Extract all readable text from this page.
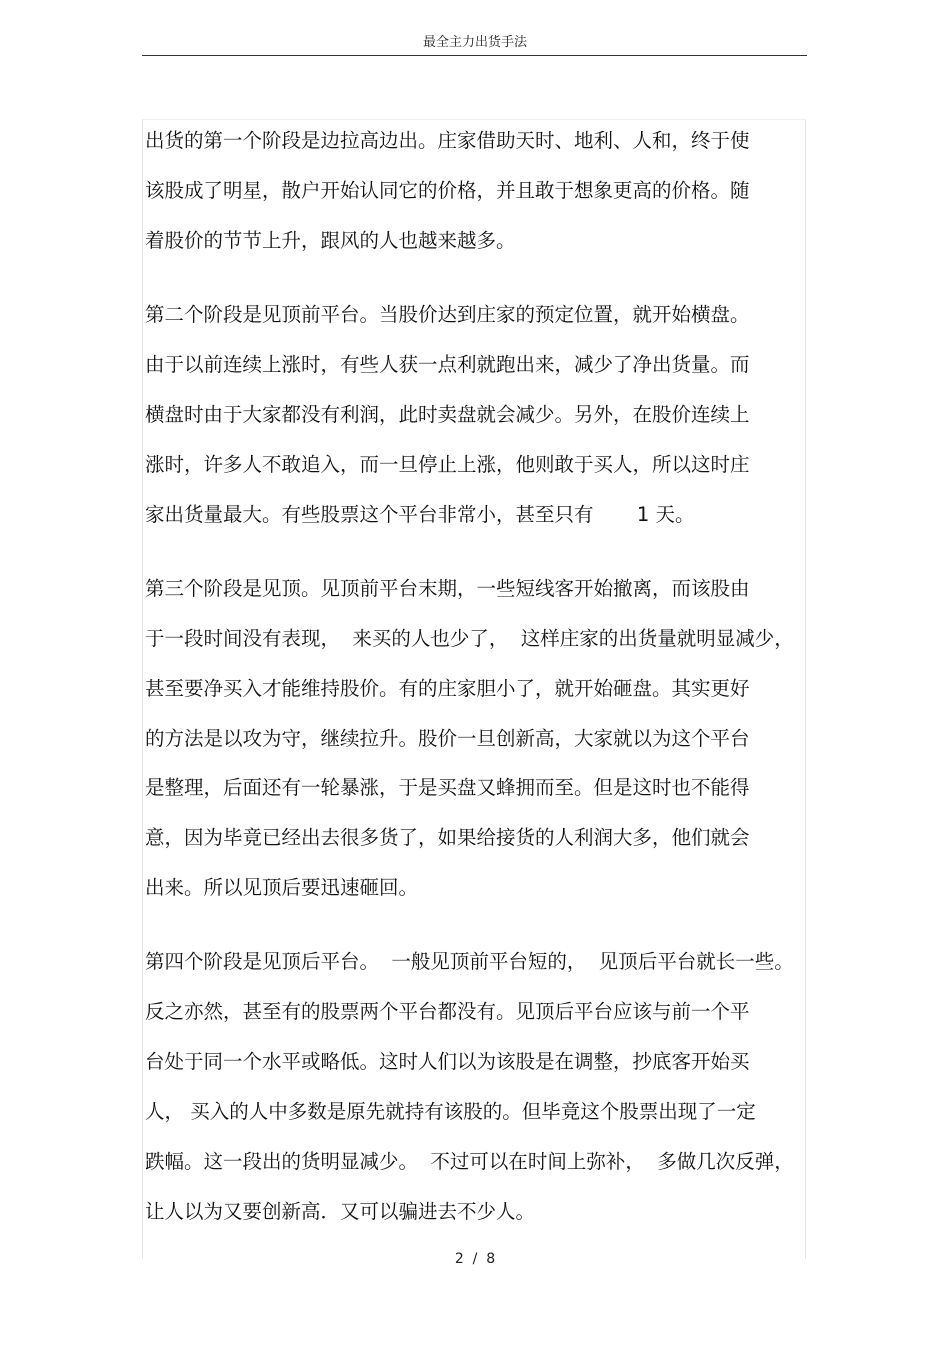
最全主力出货手法
出货的第一个阶段是边拉高边出。庄家借助天时、地利、人和，终于使
该股成了明星，散户开始认同它的价格，并且敢于想象更高的价格。随
着股价的节节上升，跟风的人也越来越多。
第二个阶段是见顶前平台。当股价达到庄家的预定位置，就开始横盘。
由于以前连续上涨时，有些人获一点利就跑出来，减少了净出货量。而
横盘时由于大家都没有利润，此时卖盘就会减少。另外，在股价连续上
涨时，许多人不敢追入，而一旦停止上涨，他则敢于买人，所以这时庄
家出货量最大。有些股票这个平台非常小，甚至只有       1 天。
第三个阶段是见顶。见顶前平台末期，一些短线客开始撤离，而该股由
于一段时间没有表现，  来买的人也少了，  这样庄家的出货量就明显减少，
甚至要净买入才能维持股价。有的庄家胆小了，就开始砸盘。其实更好
的方法是以攻为守，继续拉升。股价一旦创新高，大家就以为这个平台
是整理，后面还有一轮暴涨，于是买盘又蜂拥而至。但是这时也不能得
意，因为毕竟已经出去很多货了，如果给接货的人利润大多，他们就会
出来。所以见顶后要迅速砸回。
第四个阶段是见顶后平台。  一般见顶前平台短的，  见顶后平台就长一些。
反之亦然，甚至有的股票两个平台都没有。见顶后平台应该与前一个平
台处于同一个水平或略低。这时人们以为该股是在调整，抄底客开始买
人， 买入的人中多数是原先就持有该股的。但毕竟这个股票出现了一定
跌幅。这一段出的货明显减少。  不过可以在时间上弥补，  多做几次反弹，
让人以为又要创新高．又可以骗进去不少人。
2  /  8
